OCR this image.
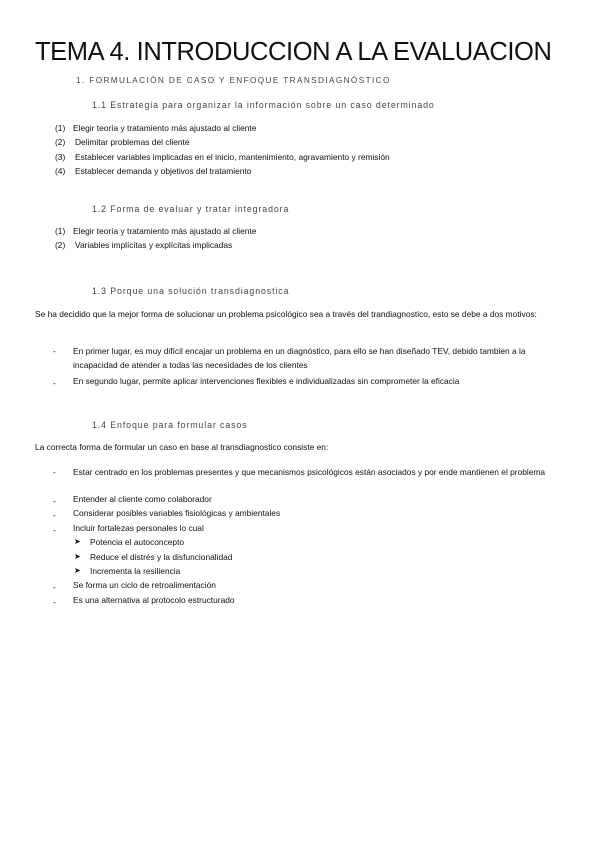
TEMA 4. INTRODUCCION A LA EVALUACION
1. FORMULACIÓN DE CASO Y ENFOQUE TRANSDIAGNÓSTICO
1.1 Estrategia para organizar la información sobre un caso determinado
(1) Elegir teoría y tratamiento más ajustado al cliente
(2) Delimitar problemas del cliente
(3) Establecer variables implicadas en el inicio, mantenimiento, agravamiento y remisión
(4) Establecer demanda y objetivos del tratamiento
1.2 Forma de evaluar y tratar integradora
(1) Elegir teoría y tratamiento más ajustado al cliente
(2) Variables implícitas y explícitas implicadas
1.3 Porque una solución transdiagnostica
Se ha decidido que la mejor forma de solucionar un problema psicológico sea a través del trandiagnostico, esto se debe a dos motivos:
- En primer lugar, es muy difícil encajar un problema en un diagnóstico, para ello se han diseñado TEV, debido tambien a la incapacidad de atender a todas las necesidades de los clientes
- En segundo lugar, permite aplicar intervenciones flexibles e individualizadas sin comprometer la eficacia
1.4 Enfoque para formular casos
La correcta forma de formular un caso en base al transdiagnostico consiste en:
- Estar centrado en los problemas presentes y que mecanismos psicológicos están asociados y por ende mantienen el problema
- Entender al cliente como colaborador
- Considerar posibles variables fisiológicas y ambientales
- Incluir fortalezas personales lo cual
➤ Potencia el autoconcepto
➤ Reduce el distrés y la disfuncionalidad
➤ Incrementa la resiliencia
- Se forma un ciclo de retroalimentación
- Es una alternativa al protocolo estructurado
